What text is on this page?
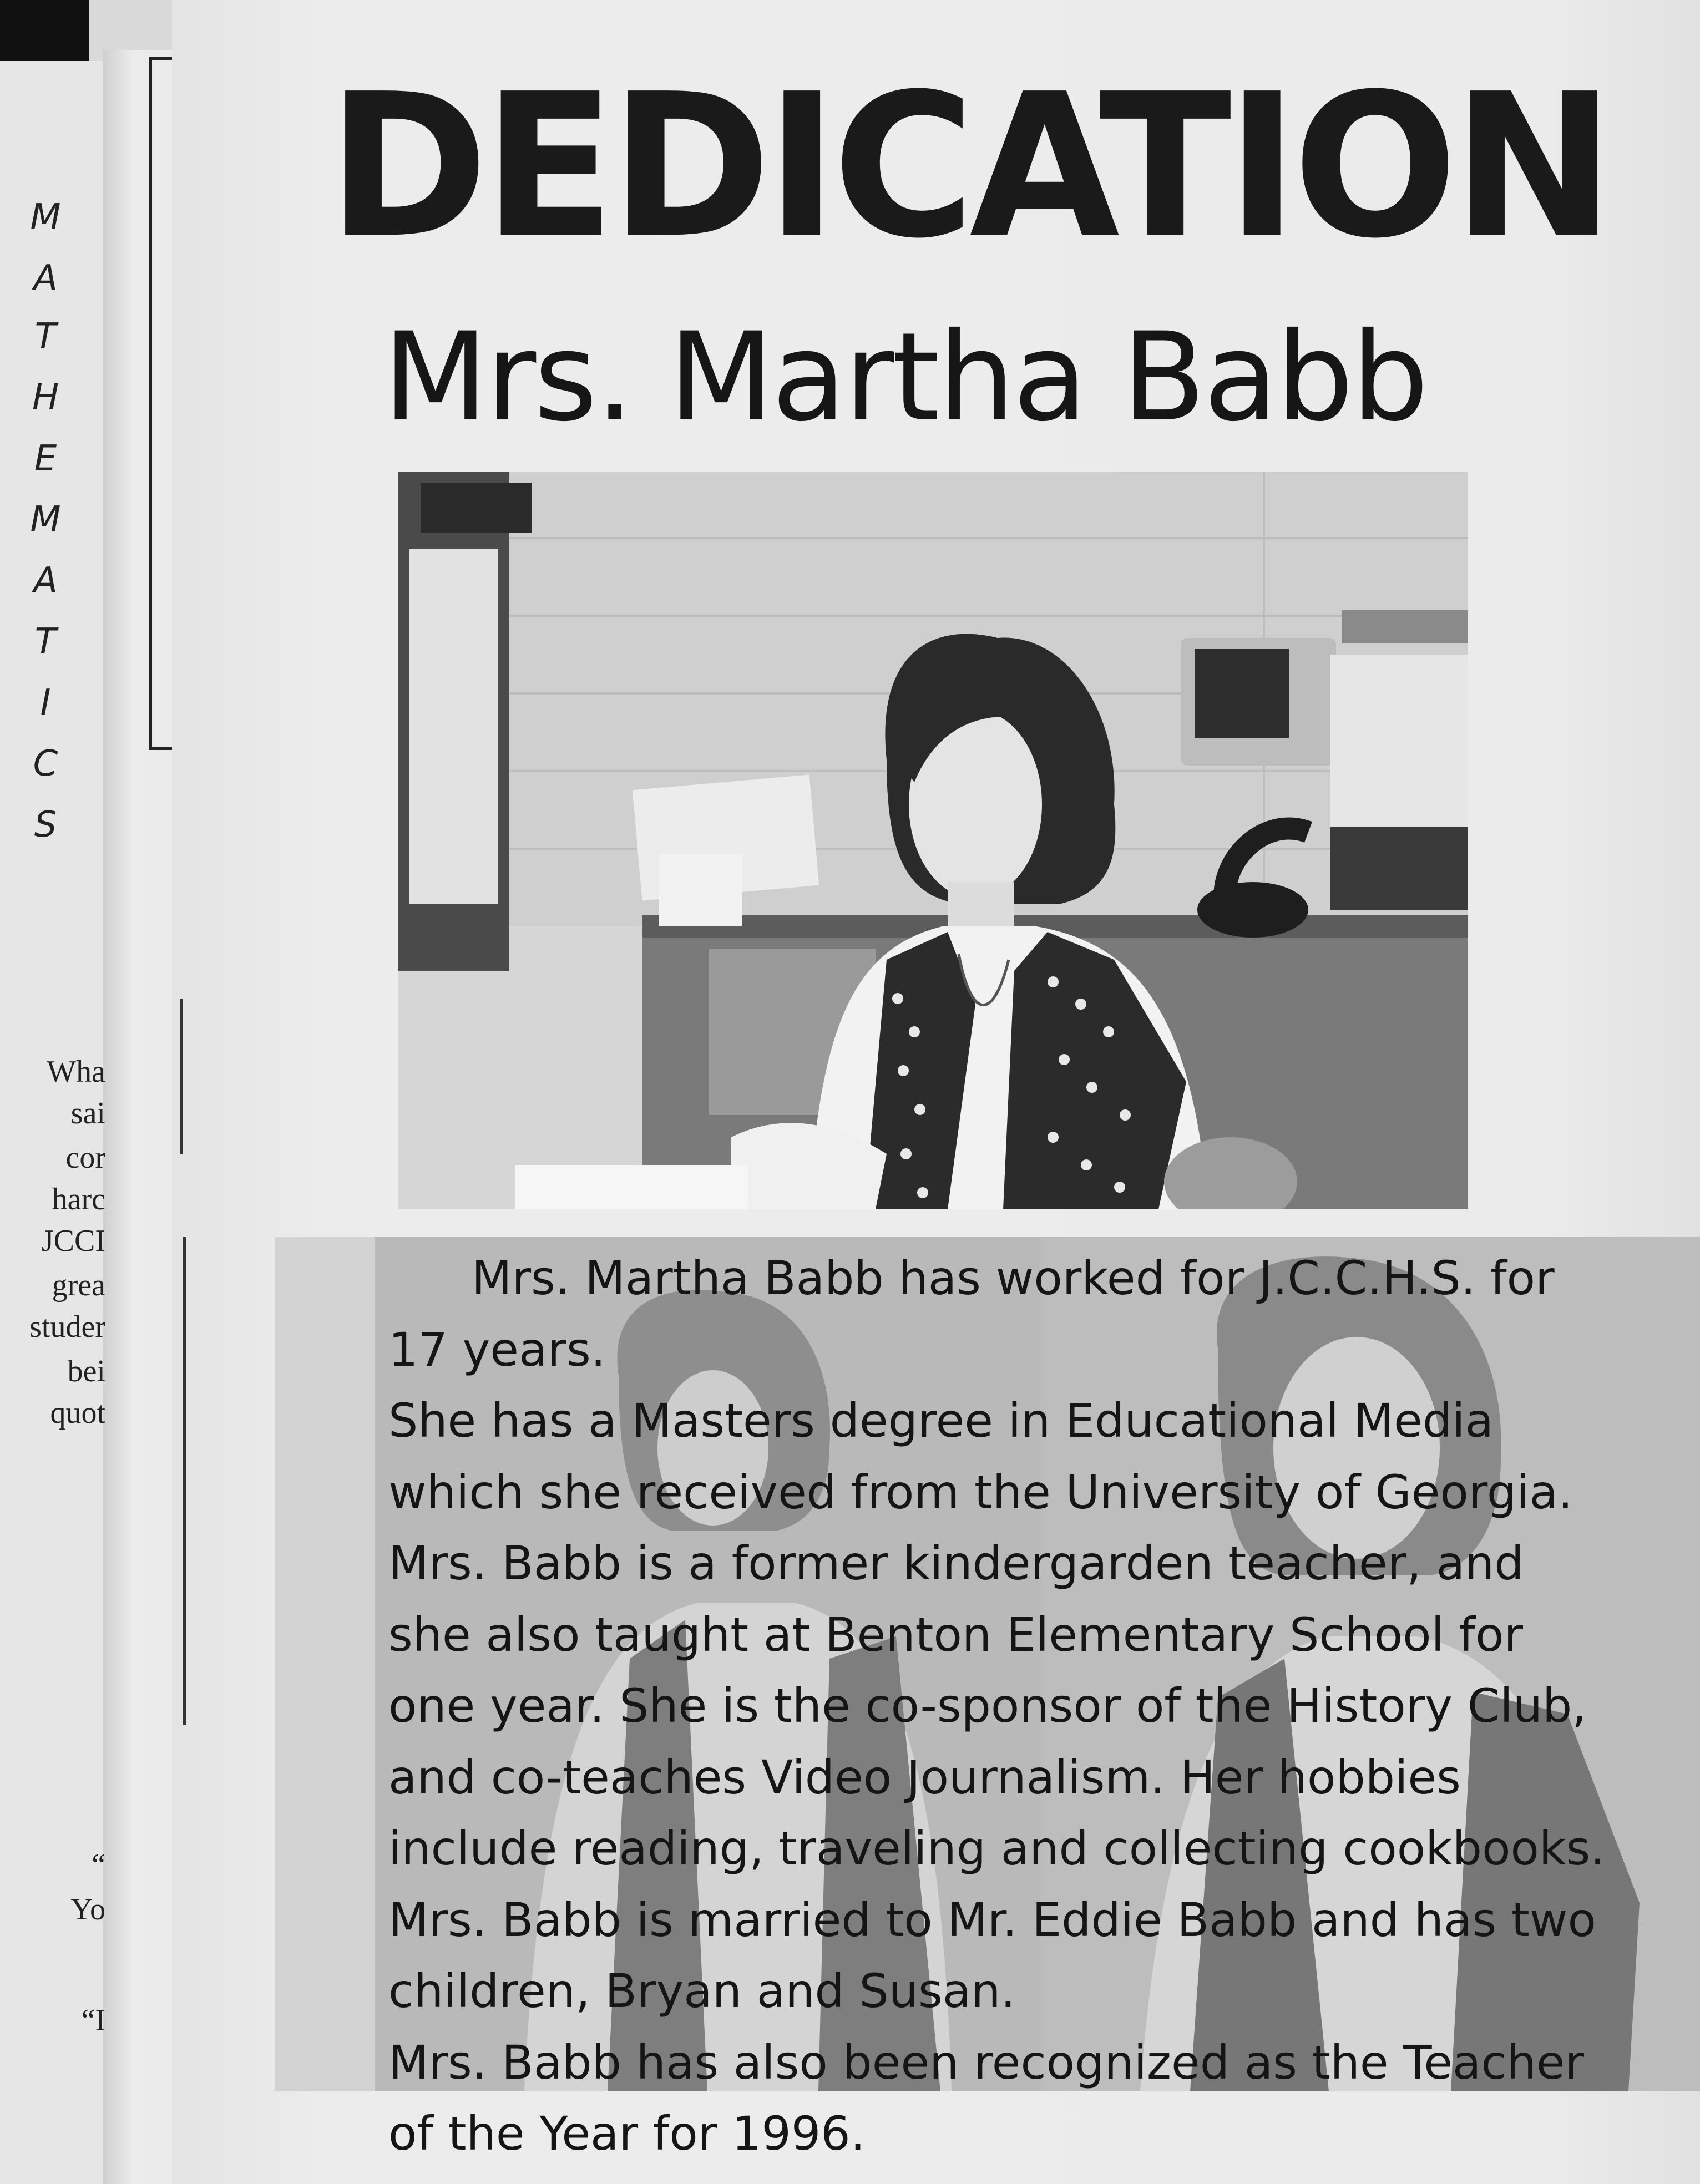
M
A
T
H
E
M
A
T
I
C
S
Wha
sai
cor
harc
JCCI
grea
studer
bei
quot
“
Yo
“I
DEDICATION
Mrs. Martha Babb

Mrs. Martha Babb has worked for J.C.C.H.S. for 17 years.

She has a Masters degree in Educational Media which she received from the University of Georgia. Mrs. Babb is a former kindergarden teacher, and she also taught at Benton Elementary School for one year. She is the co-sponsor of the History Club, and co-teaches Video Journalism. Her hobbies include reading, traveling and collecting cookbooks. Mrs. Babb is married to Mr. Eddie Babb and has two children, Bryan and Susan.

Mrs. Babb has also been recognized as the Teacher of the Year for 1996.
